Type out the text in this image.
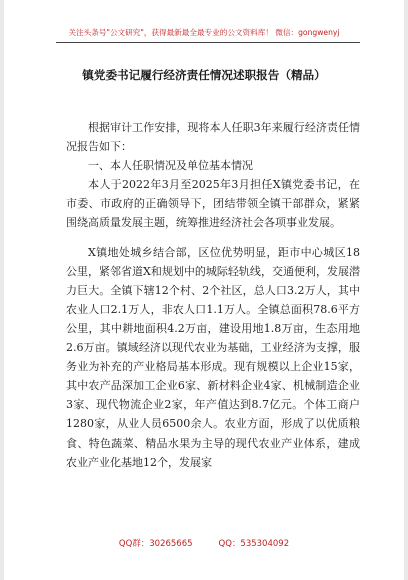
关注头条号"公文研究"，获得最新最全最专业的公文资料库！ 微信：gongwenyj
镇党委书记履行经济责任情况述职报告（精品）

根据审计工作安排，现将本人任职3年来履行经济责任情况报告如下：

一、本人任职情况及单位基本情况

本人于2022年3月至2025年3月担任X镇党委书记，在市委、市政府的正确领导下，团结带领全镇干部群众，紧紧围绕高质量发展主题，统筹推进经济社会各项事业发展。

X镇地处城乡结合部，区位优势明显，距市中心城区18公里，紧邻省道X和规划中的城际轻轨线，交通便利，发展潜力巨大。全镇下辖12个村、2个社区，总人口3.2万人，其中农业人口2.1万人，非农人口1.1万人。全镇总面积78.6平方公里，其中耕地面积4.2万亩，建设用地1.8万亩，生态用地2.6万亩。镇域经济以现代农业为基础，工业经济为支撑，服务业为补充的产业格局基本形成。现有规模以上企业15家，其中农产品深加工企业6家、新材料企业4家、机械制造企业3家、现代物流企业2家，年产值达到8.7亿元。个体工商户1280家，从业人员6500余人。农业方面，形成了以优质粮食、特色蔬菜、精品水果为主导的现代农业产业体系，建成农业产业化基地12个，发展家

QQ群：30265665	QQ：535304092
